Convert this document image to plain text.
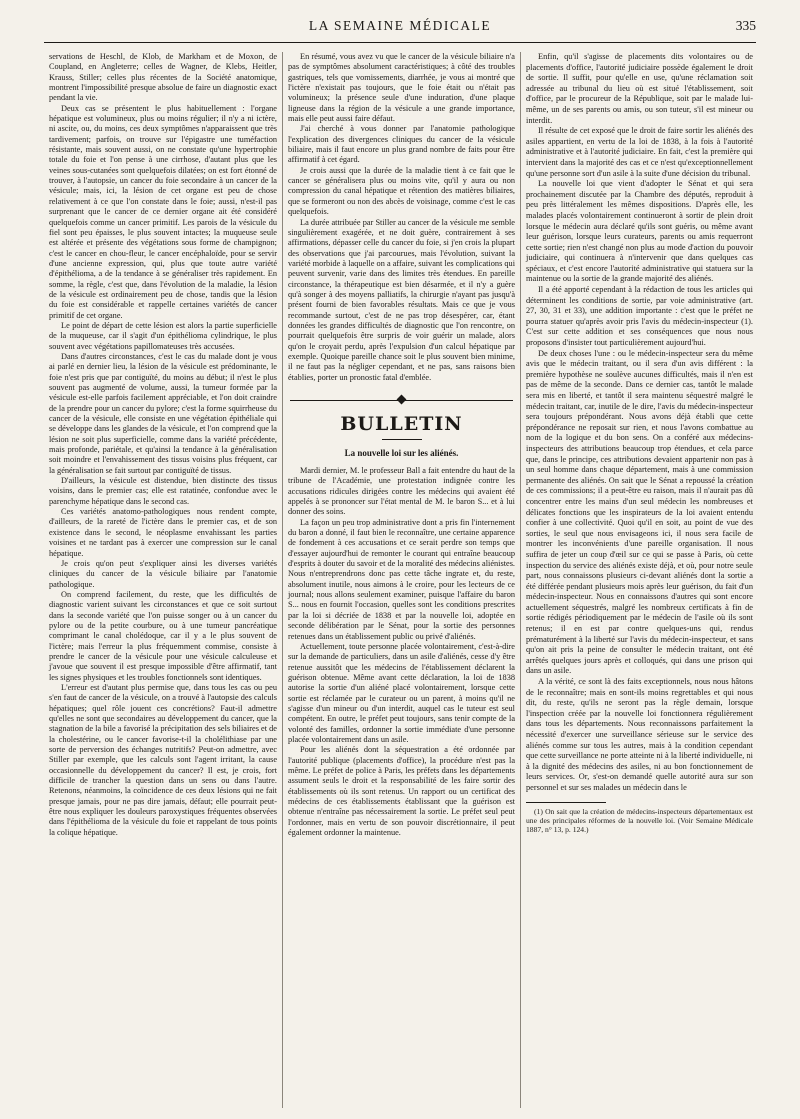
LA SEMAINE MÉDICALE	335

servations de Heschl, de Klob, de Markham et de Moxon, de Coupland, en Angleterre; celles de Wagner, de Klebs, Heitler, Krauss, Stiller; celles plus récentes de la Société anatomique, montrent l'impossibilité presque absolue de faire un diagnostic exact pendant la vie.

Deux cas se présentent le plus habituellement : l'organe hépatique est volumineux, plus ou moins régulier; il n'y a ni ictère, ni ascite, ou, du moins, ces deux symptômes n'apparaissent que très tardivement; parfois, on trouve sur l'épigastre une tuméfaction résistante, mais souvent aussi, on ne constate qu'une hypertrophie totale du foie et l'on pense à une cirrhose, d'autant plus que les veines sous-cutanées sont quelquefois dilatées; on est fort étonné de trouver, à l'autopsie, un cancer du foie secondaire à un cancer de la vésicule; mais, ici, la lésion de cet organe est peu de chose relativement à ce que l'on constate dans le foie; aussi, n'est-il pas surprenant que le cancer de ce dernier organe ait été considéré quelquefois comme un cancer primitif. Les parois de la vésicule du fiel sont peu épaisses, le plus souvent intactes; la muqueuse seule est altérée et présente des végétations sous forme de champignon; c'est le cancer en chou-fleur, le cancer encéphaloïde, pour se servir d'une ancienne expression, qui, plus que toute autre variété d'épithélioma, a de la tendance à se généraliser très rapidement. En somme, la règle, c'est que, dans l'évolution de la maladie, la lésion de la vésicule est ordinairement peu de chose, tandis que la lésion du foie est considérable et rappelle certaines variétés de cancer primitif de cet organe.

Le point de départ de cette lésion est alors la partie superficielle de la muqueuse, car il s'agit d'un épithélioma cylindrique, le plus souvent avec végétations papillomateuses très accusées.

Dans d'autres circonstances, c'est le cas du malade dont je vous ai parlé en dernier lieu, la lésion de la vésicule est prédominante, le foie n'est pris que par contiguïté, du moins au début; il n'est le plus souvent pas augmenté de volume, aussi, la tumeur formée par la vésicule est-elle parfois facilement appréciable, et l'on doit craindre de la prendre pour un cancer du pylore; c'est la forme squirrheuse du cancer de la vésicule, elle consiste en une végétation épithéliale qui se développe dans les glandes de la vésicule, et l'on comprend que la lésion ne soit plus superficielle, comme dans la variété précédente, mais profonde, pariétale, et qu'ainsi la tendance à la généralisation soit moindre et l'envahissement des tissus voisins plus fréquent, car la généralisation se fait surtout par contiguïté de tissus.

D'ailleurs, la vésicule est distendue, bien distincte des tissus voisins, dans le premier cas; elle est ratatinée, confondue avec le parenchyme hépatique dans le second cas.

Ces variétés anatomo-pathologiques nous rendent compte, d'ailleurs, de la rareté de l'ictère dans le premier cas, et de son existence dans le second, le néoplasme envahissant les parties voisines et ne tardant pas à exercer une compression sur le canal hépatique.

Je crois qu'on peut s'expliquer ainsi les diverses variétés cliniques du cancer de la vésicule biliaire par l'anatomie pathologique.

On comprend facilement, du reste, que les difficultés de diagnostic varient suivant les circonstances et que ce soit surtout dans la seconde variété que l'on puisse songer ou à un cancer du pylore ou de la petite courbure, ou à une tumeur pancréatique comprimant le canal cholédoque, car il y a le plus souvent de l'ictère; mais l'erreur la plus fréquemment commise, consiste à prendre le cancer de la vésicule pour une vésicule calculeuse et j'avoue que souvent il est presque impossible d'être affirmatif, tant les signes physiques et les troubles fonctionnels sont identiques.

L'erreur est d'autant plus permise que, dans tous les cas ou peu s'en faut de cancer de la vésicule, on a trouvé à l'autopsie des calculs hépatiques; quel rôle jouent ces concrétions? Faut-il admettre qu'elles ne sont que secondaires au développement du cancer, que la stagnation de la bile a favorisé la précipitation des sels biliaires et de la cholestérine, ou le cancer favorise-t-il la cholélithiase par une sorte de perversion des échanges nutritifs? Peut-on admettre, avec Stiller par exemple, que les calculs sont l'agent irritant, la cause occasionnelle du développement du cancer? Il est, je crois, fort difficile de trancher la question dans un sens ou dans l'autre. Retenons, néanmoins, la coïncidence de ces deux lésions qui ne fait presque jamais, pour ne pas dire jamais, défaut; elle pourrait peut-être nous expliquer les douleurs paroxystiques fréquentes observées dans l'épithélioma de la vésicule du foie et rappelant de tous points la colique hépatique.

En résumé, vous avez vu que le cancer de la vésicule biliaire n'a pas de symptômes absolument caractéristiques; à côté des troubles gastriques, tels que vomissements, diarrhée, je vous ai montré que l'ictère n'existait pas toujours, que le foie était ou n'était pas volumineux; la présence seule d'une induration, d'une plaque ligneuse dans la région de la vésicule a une grande importance, mais elle peut aussi faire défaut.

J'ai cherché à vous donner par l'anatomie pathologique l'explication des divergences cliniques du cancer de la vésicule biliaire, mais il faut encore un plus grand nombre de faits pour être affirmatif à cet égard.

Je crois aussi que la durée de la maladie tient à ce fait que le cancer se généralisera plus ou moins vite, qu'il y aura ou non compression du canal hépatique et rétention des matières biliaires, que se formeront ou non des abcès de voisinage, comme c'est le cas quelquefois.

La durée attribuée par Stiller au cancer de la vésicule me semble singulièrement exagérée, et ne doit guère, contrairement à ses affirmations, dépasser celle du cancer du foie, si j'en crois la plupart des observations que j'ai parcourues, mais l'évolution, suivant la variété morbide à laquelle on a affaire, suivant les complications qui peuvent survenir, varie dans des limites très étendues. En pareille circonstance, la thérapeutique est bien désarmée, et il n'y a guère qu'à songer à des moyens palliatifs, la chirurgie n'ayant pas jusqu'à présent fourni de bien favorables résultats. Mais ce que je vous recommande surtout, c'est de ne pas trop désespérer, car, étant données les grandes difficultés de diagnostic que l'on rencontre, on pourrait quelquefois être surpris de voir guérir un malade, alors qu'on le croyait perdu, après l'expulsion d'un calcul hépatique par exemple. Quoique pareille chance soit le plus souvent bien minime, il ne faut pas la négliger cependant, et ne pas, sans raisons bien établies, porter un pronostic fatal d'emblée.

BULLETIN
La nouvelle loi sur les aliénés.

Mardi dernier, M. le professeur Ball a fait entendre du haut de la tribune de l'Académie, une protestation indignée contre les accusations ridicules dirigées contre les médecins qui avaient été appelés à se prononcer sur l'état mental de M. le baron S... et à lui donner des soins.

La façon un peu trop administrative dont a pris fin l'internement du baron a donné, il faut bien le reconnaître, une certaine apparence de fondement à ces accusations et ce serait perdre son temps que d'essayer aujourd'hui de remonter le courant qui entraîne beaucoup d'esprits à douter du savoir et de la moralité des médecins aliénistes. Nous n'entreprendrons donc pas cette tâche ingrate et, du reste, absolument inutile, nous aimons à le croire, pour les lecteurs de ce journal; nous allons seulement examiner, puisque l'affaire du baron S... nous en fournit l'occasion, quelles sont les conditions prescrites par la loi si décriée de 1838 et par la nouvelle loi, adoptée en seconde délibération par le Sénat, pour la sortie des personnes retenues dans un établissement public ou privé d'aliénés.

Actuellement, toute personne placée volontairement, c'est-à-dire sur la demande de particuliers, dans un asile d'aliénés, cesse d'y être retenue aussitôt que les médecins de l'établissement déclarent la guérison obtenue. Même avant cette déclaration, la loi de 1838 autorise la sortie d'un aliéné placé volontairement, lorsque cette sortie est réclamée par le curateur ou un parent, à moins qu'il ne s'agisse d'un mineur ou d'un interdit, auquel cas le tuteur est seul compétent. En outre, le préfet peut toujours, sans tenir compte de la volonté des familles, ordonner la sortie immédiate d'une personne placée volontairement dans un asile.

Pour les aliénés dont la séquestration a été ordonnée par l'autorité publique (placements d'office), la procédure n'est pas la même. Le préfet de police à Paris, les préfets dans les départements assument seuls le droit et la responsabilité de les faire sortir des établissements où ils sont retenus. Un rapport ou un certificat des médecins de ces établissements établissant que la guérison est obtenue n'entraîne pas nécessairement la sortie. Le préfet seul peut l'ordonner, mais en vertu de son pouvoir discrétionnaire, il peut également ordonner la maintenue.

Enfin, qu'il s'agisse de placements dits volontaires ou de placements d'office, l'autorité judiciaire possède également le droit de sortie. Il suffit, pour qu'elle en use, qu'une réclamation soit adressée au tribunal du lieu où est situé l'établissement, soit d'office, par le procureur de la République, soit par le malade lui-même, un de ses parents ou amis, ou son tuteur, s'il est mineur ou interdit.

Il résulte de cet exposé que le droit de faire sortir les aliénés des asiles appartient, en vertu de la loi de 1838, à la fois à l'autorité administrative et à l'autorité judiciaire. En fait, c'est la première qui intervient dans la majorité des cas et ce n'est qu'exceptionnellement qu'une personne sort d'un asile à la suite d'une décision du tribunal.

La nouvelle loi que vient d'adopter le Sénat et qui sera prochainement discutée par la Chambre des députés, reproduit à peu près littéralement les mêmes dispositions. D'après elle, les malades placés volontairement continueront à sortir de plein droit lorsque le médecin aura déclaré qu'ils sont guéris, ou même avant leur guérison, lorsque leurs curateurs, parents ou amis requerront cette sortie; rien n'est changé non plus au mode d'action du pouvoir judiciaire, qui continuera à n'intervenir que dans quelques cas spéciaux, et c'est encore l'autorité administrative qui statuera sur la maintenue ou la sortie de la grande majorité des aliénés.

Il a été apporté cependant à la rédaction de tous les articles qui déterminent les conditions de sortie, par voie administrative (art. 27, 30, 31 et 33), une addition importante : c'est que le préfet ne pourra statuer qu'après avoir pris l'avis du médecin-inspecteur (1). C'est sur cette addition et ses conséquences que nous nous proposons d'insister tout particulièrement aujourd'hui.

De deux choses l'une : ou le médecin-inspecteur sera du même avis que le médecin traitant, ou il sera d'un avis différent : la première hypothèse ne soulève aucunes difficultés, mais il n'en est pas de même de la seconde. Dans ce dernier cas, tantôt le malade sera mis en liberté, et tantôt il sera maintenu séquestré malgré le médecin traitant, car, inutile de le dire, l'avis du médecin-inspecteur sera toujours prépondérant. Nous avons déjà établi que cette prépondérance ne reposait sur rien, et nous l'avons combattue au nom de la logique et du bon sens. On a conféré aux médecins-inspecteurs des attributions beaucoup trop étendues, et cela parce que, dans le principe, ces attributions devaient appartenir non pas à un seul homme dans chaque département, mais à une commission permanente des aliénés. On sait que le Sénat a repoussé la création de ces commissions; il a peut-être eu raison, mais il n'aurait pas dû concentrer entre les mains d'un seul médecin les nombreuses et délicates fonctions que les inspirateurs de la loi avaient entendu confier à une collectivité. Quoi qu'il en soit, au point de vue des sorties, le seul que nous envisageons ici, il nous sera facile de montrer les inconvénients d'une pareille organisation. Il nous suffira de jeter un coup d'œil sur ce qui se passe à Paris, où cette inspection du service des aliénés existe déjà, et où, pour notre seule part, nous connaissons plusieurs ci-devant aliénés dont la sortie a été différée pendant plusieurs mois après leur guérison, du fait d'un médecin-inspecteur. Nous en connaissons d'autres qui sont encore actuellement séquestrés, malgré les nombreux certificats à fin de sortie rédigés périodiquement par le médecin de l'asile où ils sont retenus; il en est par contre quelques-uns qui, rendus prématurément à la liberté sur l'avis du médecin-inspecteur, et sans qu'on ait pris la peine de consulter le médecin traitant, ont été arrêtés quelques jours après et colloqués, qui dans une prison qui dans un asile.

A la vérité, ce sont là des faits exceptionnels, nous nous hâtons de le reconnaître; mais en sont-ils moins regrettables et qui nous dit, du reste, qu'ils ne seront pas la règle demain, lorsque l'inspection créée par la nouvelle loi fonctionnera régulièrement dans tous les départements. Nous reconnaissons parfaitement la nécessité d'exercer une surveillance sérieuse sur le service des aliénés comme sur tous les autres, mais à la condition cependant que cette surveillance ne porte atteinte ni à la liberté individuelle, ni à la dignité des médecins des asiles, ni au bon fonctionnement de leurs services. Or, s'est-on demandé quelle autorité aura sur son personnel et sur ses malades un médecin dans le

(1) On sait que la création de médecins-inspecteurs départementaux est une des principales réformes de la nouvelle loi. (Voir Semaine Médicale 1887, n° 13, p. 124.)
